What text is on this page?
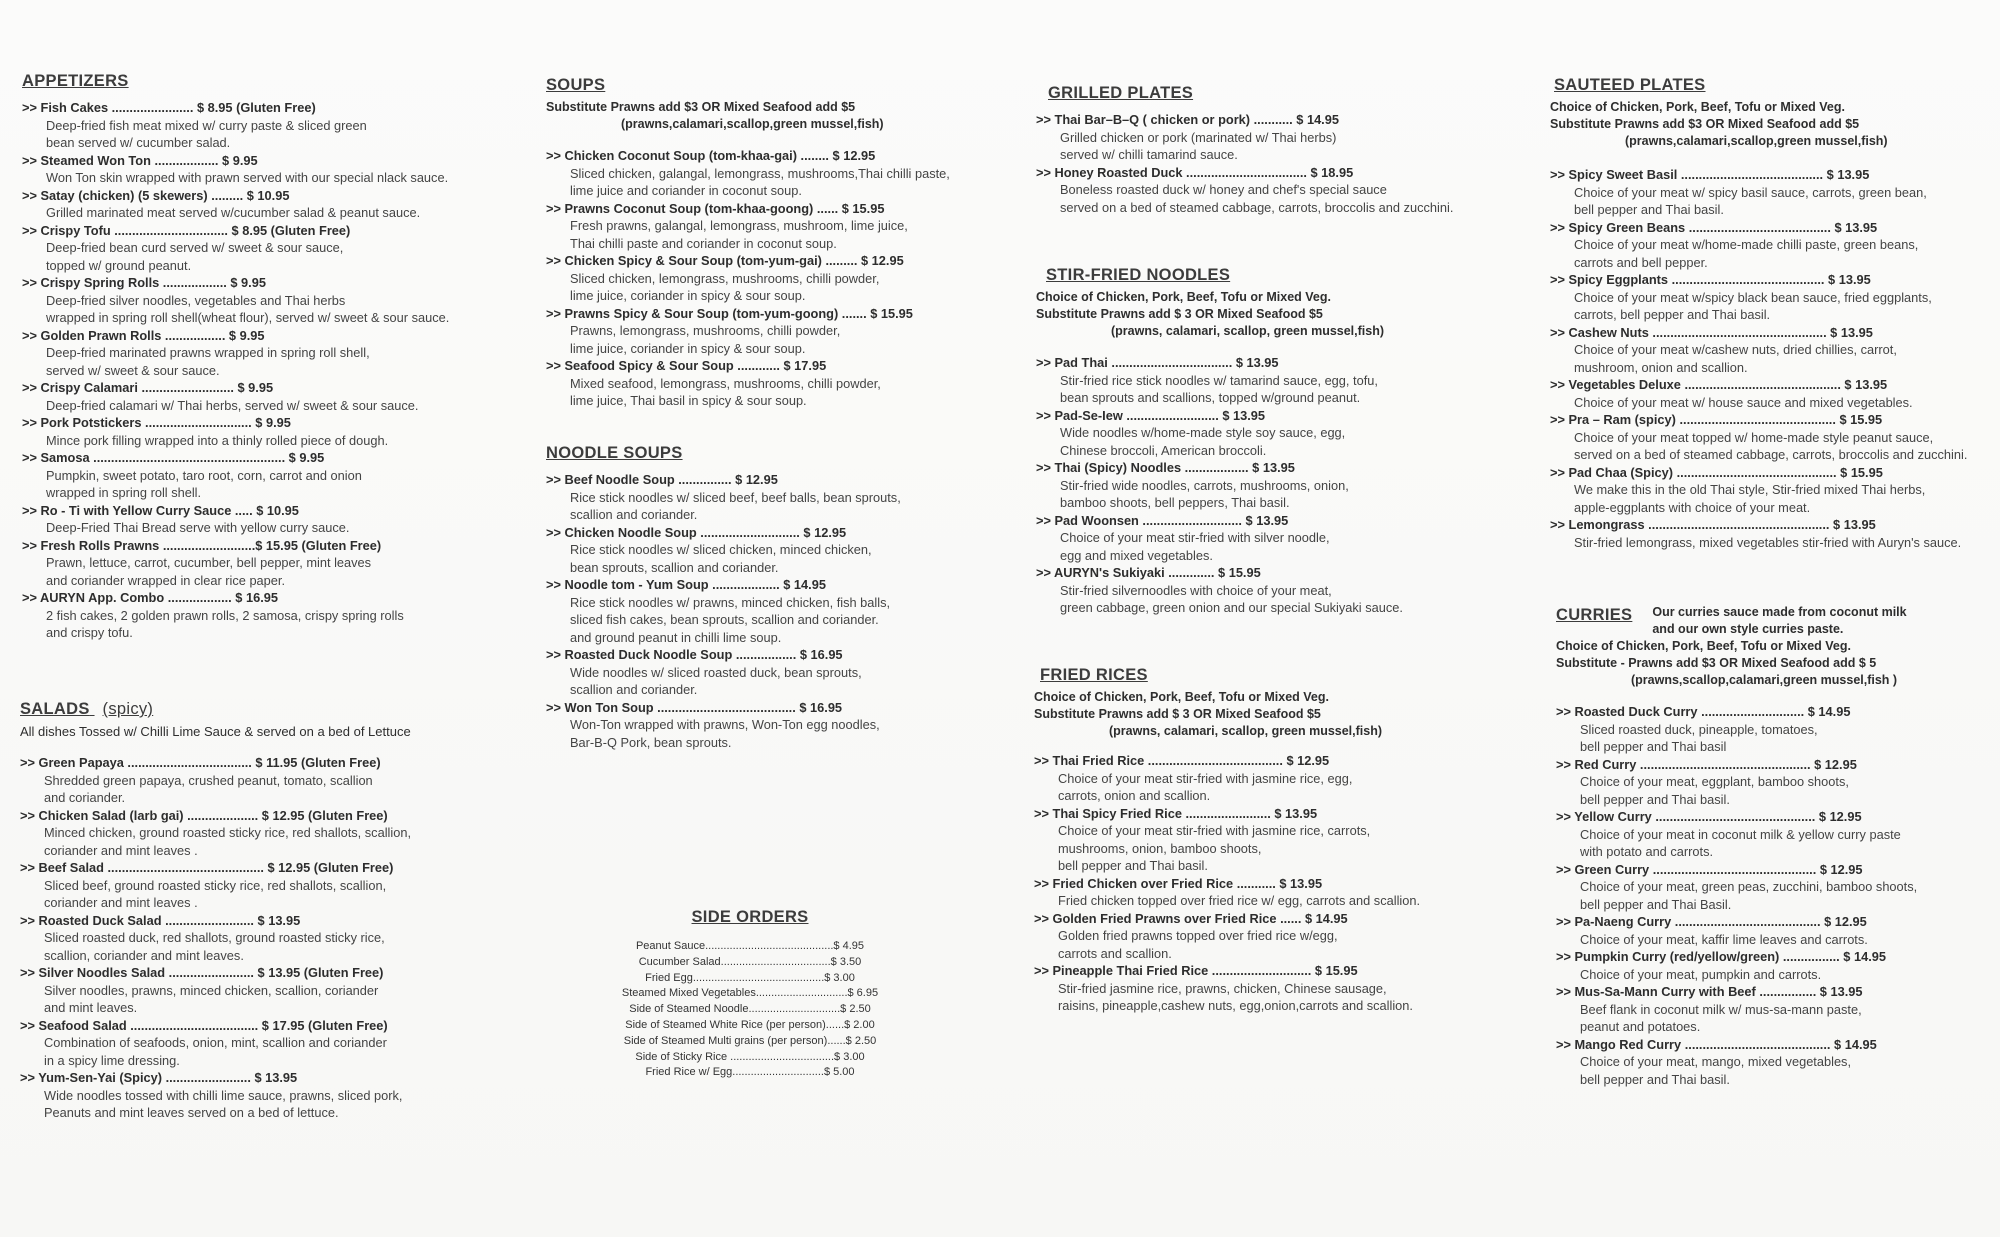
APPETIZERS
>> Fish Cakes ....................... $ 8.95 (Gluten Free)
Deep-fried fish meat mixed w/ curry paste & sliced green
bean served w/ cucumber salad.
>> Steamed Won Ton .................. $ 9.95
Won Ton skin wrapped with prawn served with our special nlack sauce.
>> Satay (chicken) (5 skewers) ......... $ 10.95
Grilled marinated meat served w/cucumber salad & peanut sauce.
>> Crispy Tofu ................................ $ 8.95 (Gluten Free)
Deep-fried bean curd served w/ sweet & sour sauce,
topped w/ ground peanut.
>> Crispy Spring Rolls .................. $ 9.95
Deep-fried silver noodles, vegetables and Thai herbs
wrapped in spring roll shell(wheat flour), served w/ sweet & sour sauce.
>> Golden Prawn Rolls ................. $ 9.95
Deep-fried marinated prawns wrapped in spring roll shell,
served w/ sweet & sour sauce.
>> Crispy Calamari .......................... $ 9.95
Deep-fried calamari w/ Thai herbs, served w/ sweet & sour sauce.
>> Pork Potstickers .............................. $ 9.95
Mince pork filling wrapped into a thinly rolled piece of dough.
>> Samosa ...................................................... $ 9.95
Pumpkin, sweet potato, taro root, corn, carrot and onion
wrapped in spring roll shell.
>> Ro - Ti with Yellow Curry Sauce ..... $ 10.95
Deep-Fried Thai Bread serve with yellow curry sauce.
>> Fresh Rolls Prawns ..........................$ 15.95 (Gluten Free)
Prawn, lettuce, carrot, cucumber, bell pepper, mint leaves
and coriander wrapped in clear rice paper.
>> AURYN App. Combo .................. $ 16.95
2 fish cakes, 2 golden prawn rolls, 2 samosa, crispy spring rolls
and crispy tofu.
SALADS (spicy)
All dishes Tossed w/ Chilli Lime Sauce & served on a bed of Lettuce
>> Green Papaya ................................... $ 11.95 (Gluten Free)
Shredded green papaya, crushed peanut, tomato, scallion
and coriander.
>> Chicken Salad (larb gai) .................... $ 12.95 (Gluten Free)
Minced chicken, ground roasted sticky rice, red shallots, scallion,
coriander and mint leaves .
>> Beef Salad ............................................ $ 12.95 (Gluten Free)
Sliced beef, ground roasted sticky rice, red shallots, scallion,
coriander and mint leaves .
>> Roasted Duck Salad ......................... $ 13.95
Sliced roasted duck, red shallots, ground roasted sticky rice,
scallion, coriander and mint leaves.
>> Silver Noodles Salad ........................ $ 13.95 (Gluten Free)
Silver noodles, prawns, minced chicken, scallion, coriander
and mint leaves.
>> Seafood Salad .................................... $ 17.95 (Gluten Free)
Combination of seafoods, onion, mint, scallion and coriander
in a spicy lime dressing.
>> Yum-Sen-Yai (Spicy) ........................ $ 13.95
Wide noodles tossed with chilli lime sauce, prawns, sliced pork,
Peanuts and mint leaves served on a bed of lettuce.
SOUPS
Substitute Prawns add $3 OR Mixed Seafood add $5
(prawns,calamari,scallop,green mussel,fish)
>> Chicken Coconut Soup (tom-khaa-gai) ........ $ 12.95
Sliced chicken, galangal, lemongrass, mushrooms,Thai chilli paste,
lime juice and coriander in coconut soup.
>> Prawns Coconut Soup (tom-khaa-goong) ...... $ 15.95
Fresh prawns, galangal, lemongrass, mushroom, lime juice,
Thai chilli paste and coriander in coconut soup.
>> Chicken Spicy & Sour Soup (tom-yum-gai) ......... $ 12.95
Sliced chicken, lemongrass, mushrooms, chilli powder,
lime juice, coriander in spicy & sour soup.
>> Prawns Spicy & Sour Soup (tom-yum-goong) ....... $ 15.95
Prawns, lemongrass, mushrooms, chilli powder,
lime juice, coriander in spicy & sour soup.
>> Seafood Spicy & Sour Soup ............ $ 17.95
Mixed seafood, lemongrass, mushrooms, chilli powder,
lime juice, Thai basil in spicy & sour soup.
NOODLE SOUPS
>> Beef Noodle Soup ............... $ 12.95
Rice stick noodles w/ sliced beef, beef balls, bean sprouts,
scallion and coriander.
>> Chicken Noodle Soup ............................ $ 12.95
Rice stick noodles w/ sliced chicken, minced chicken,
bean sprouts, scallion and coriander.
>> Noodle tom - Yum Soup ................... $ 14.95
Rice stick noodles w/ prawns, minced chicken, fish balls,
sliced fish cakes, bean sprouts, scallion and coriander.
and ground peanut in chilli lime soup.
>> Roasted Duck Noodle Soup ................. $ 16.95
Wide noodles w/ sliced roasted duck, bean sprouts,
scallion and coriander.
>> Won Ton Soup ....................................... $ 16.95
Won-Ton wrapped with prawns, Won-Ton egg noodles,
Bar-B-Q Pork, bean sprouts.
SIDE ORDERS
Peanut Sauce..........................................$ 4.95
Cucumber Salad....................................$ 3.50
Fried Egg...........................................$ 3.00
Steamed Mixed Vegetables..............................$ 6.95
Side of Steamed Noodle..............................$ 2.50
Side of Steamed White Rice (per person)......$ 2.00
Side of Steamed Multi grains (per person)......$ 2.50
Side of Sticky Rice ..................................$ 3.00
Fried Rice w/ Egg..............................$ 5.00
GRILLED PLATES
>> Thai Bar–B–Q ( chicken or pork) ........... $ 14.95
Grilled chicken or pork (marinated w/ Thai herbs)
served w/ chilli tamarind sauce.
>> Honey Roasted Duck .................................. $ 18.95
Boneless roasted duck w/ honey and chef's special sauce
served on a bed of steamed cabbage, carrots, broccolis and zucchini.
STIR-FRIED NOODLES
Choice of Chicken, Pork, Beef, Tofu or Mixed Veg.
Substitute Prawns add $ 3 OR Mixed Seafood $5
(prawns, calamari, scallop, green mussel,fish)
>> Pad Thai .................................. $ 13.95
Stir-fried rice stick noodles w/ tamarind sauce, egg, tofu,
bean sprouts and scallions, topped w/ground peanut.
>> Pad-Se-Iew .......................... $ 13.95
Wide noodles w/home-made style soy sauce, egg,
Chinese broccoli, American broccoli.
>> Thai (Spicy) Noodles .................. $ 13.95
Stir-fried wide noodles, carrots, mushrooms, onion,
bamboo shoots, bell peppers, Thai basil.
>> Pad Woonsen ............................ $ 13.95
Choice of your meat stir-fried with silver noodle,
egg and mixed vegetables.
>> AURYN's Sukiyaki ............. $ 15.95
Stir-fried silvernoodles with choice of your meat,
green cabbage, green onion and our special Sukiyaki sauce.
FRIED RICES
Choice of Chicken, Pork, Beef, Tofu or Mixed Veg.
Substitute Prawns add $ 3 OR Mixed Seafood $5
(prawns, calamari, scallop, green mussel,fish)
>> Thai Fried Rice ...................................... $ 12.95
Choice of your meat stir-fried with jasmine rice, egg,
carrots, onion and scallion.
>> Thai Spicy Fried Rice ........................ $ 13.95
Choice of your meat stir-fried with jasmine rice, carrots,
mushrooms, onion, bamboo shoots,
bell pepper and Thai basil.
>> Fried Chicken over Fried Rice ........... $ 13.95
Fried chicken topped over fried rice w/ egg, carrots and scallion.
>> Golden Fried Prawns over Fried Rice ...... $ 14.95
Golden fried prawns topped over fried rice w/egg,
carrots and scallion.
>> Pineapple Thai Fried Rice ............................ $ 15.95
Stir-fried jasmine rice, prawns, chicken, Chinese sausage,
raisins, pineapple,cashew nuts, egg,onion,carrots and scallion.
SAUTEED PLATES
Choice of Chicken, Pork, Beef, Tofu or Mixed Veg.
Substitute Prawns add $3 OR Mixed Seafood add $5
(prawns,calamari,scallop,green mussel,fish)
>> Spicy Sweet Basil ........................................ $ 13.95
Choice of your meat w/ spicy basil sauce, carrots, green bean,
bell pepper and Thai basil.
>> Spicy Green Beans ........................................ $ 13.95
Choice of your meat w/home-made chilli paste, green beans,
carrots and bell pepper.
>> Spicy Eggplants ........................................... $ 13.95
Choice of your meat w/spicy black bean sauce, fried eggplants,
carrots, bell pepper and Thai basil.
>> Cashew Nuts ................................................. $ 13.95
Choice of your meat w/cashew nuts, dried chillies, carrot,
mushroom, onion and scallion.
>> Vegetables Deluxe ............................................ $ 13.95
Choice of your meat w/ house sauce and mixed vegetables.
>> Pra – Ram (spicy) ............................................ $ 15.95
Choice of your meat topped w/ home-made style peanut sauce,
served on a bed of steamed cabbage, carrots, broccolis and zucchini.
>> Pad Chaa (Spicy) ............................................. $ 15.95
We make this in the old Thai style, Stir-fried mixed Thai herbs,
apple-eggplants with choice of your meat.
>> Lemongrass ................................................... $ 13.95
Stir-fried lemongrass, mixed vegetables stir-fried with Auryn's sauce.
CURRIES Our curries sauce made from coconut milk
and our own style curries paste.
Choice of Chicken, Pork, Beef, Tofu or Mixed Veg.
Substitute - Prawns add $3 OR Mixed Seafood add $ 5
(prawns,scallop,calamari,green mussel,fish )
>> Roasted Duck Curry ............................. $ 14.95
Sliced roasted duck, pineapple, tomatoes,
bell pepper and Thai basil
>> Red Curry ................................................ $ 12.95
Choice of your meat, eggplant, bamboo shoots,
bell pepper and Thai basil.
>> Yellow Curry ............................................. $ 12.95
Choice of your meat in coconut milk & yellow curry paste
with potato and carrots.
>> Green Curry .............................................. $ 12.95
Choice of your meat, green peas, zucchini, bamboo shoots,
bell pepper and Thai Basil.
>> Pa-Naeng Curry ......................................... $ 12.95
Choice of your meat, kaffir lime leaves and carrots.
>> Pumpkin Curry (red/yellow/green) ................ $ 14.95
Choice of your meat, pumpkin and carrots.
>> Mus-Sa-Mann Curry with Beef ................ $ 13.95
Beef flank in coconut milk w/ mus-sa-mann paste,
peanut and potatoes.
>> Mango Red Curry ......................................... $ 14.95
Choice of your meat, mango, mixed vegetables,
bell pepper and Thai basil.
